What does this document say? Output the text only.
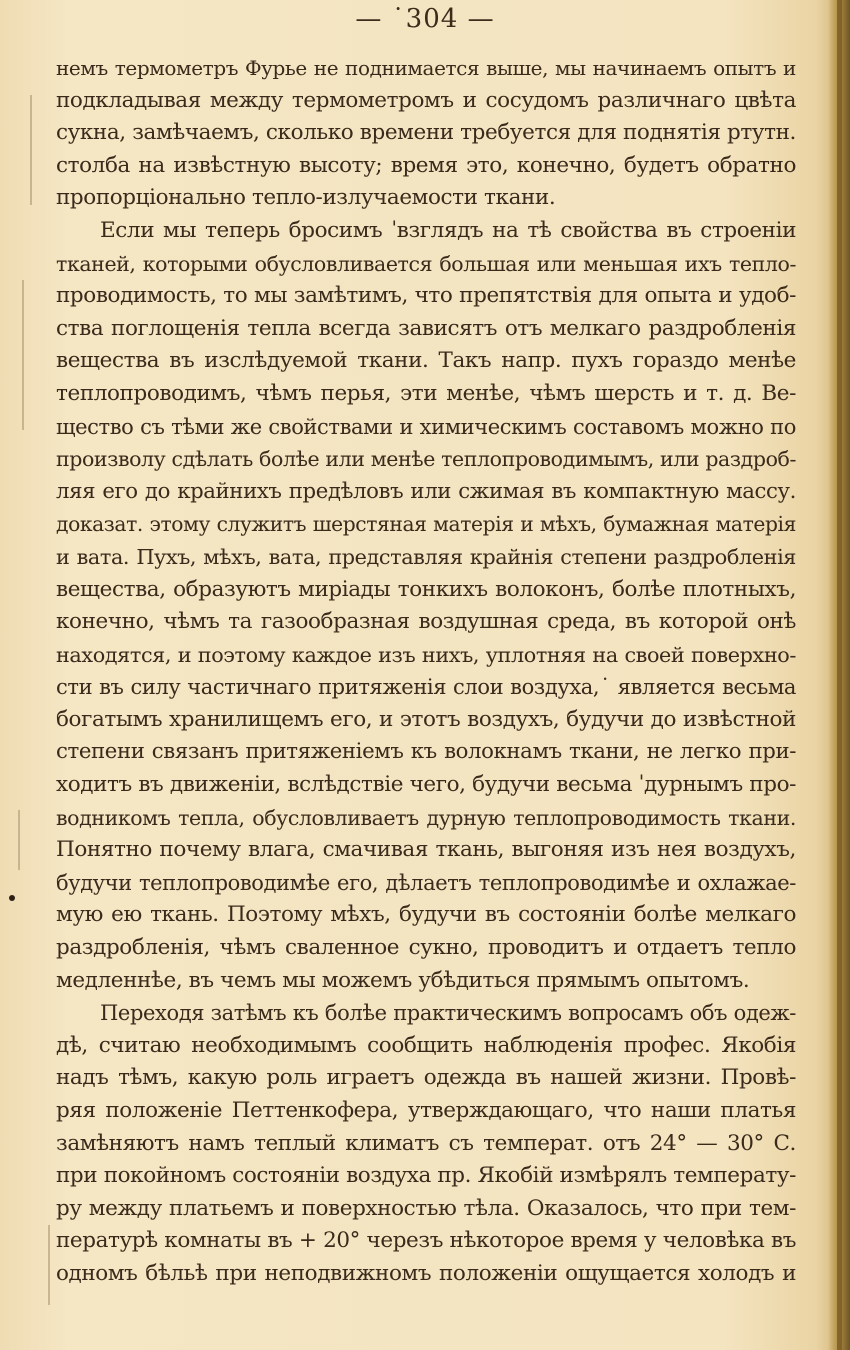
— ˙304 —
немъ термометръ Фурье не поднимается выше, мы начинаемъ опытъ и
подкладывая между термометромъ и сосудомъ различнаго цвѣта
сукна, замѣчаемъ, сколько времени требуется для поднятія ртутн.
столба на извѣстную высоту; время это, конечно, будетъ обратно
пропорціонально тепло-излучаемости ткани.
Если мы теперь бросимъ ˈвзглядъ на тѣ свойства въ строеніи
тканей, которыми обусловливается большая или меньшая ихъ тепло-
проводимость, то мы замѣтимъ, что препятствія для опыта и удоб-
ства поглощенія тепла всегда зависятъ отъ мелкаго раздробленія
вещества въ изслѣдуемой ткани. Такъ напр. пухъ гораздо менѣе
теплопроводимъ, чѣмъ перья, эти менѣе, чѣмъ шерсть и т. д. Ве-
щество съ тѣми же свойствами и химическимъ составомъ можно по
произволу сдѣлать болѣе или менѣе теплопроводимымъ, или раздроб-
ляя его до крайнихъ предѣловъ или сжимая въ компактную массу.
доказат. этому служитъ шерстяная матерія и мѣхъ, бумажная матерія
и вата. Пухъ, мѣхъ, вата, представляя крайнія степени раздробленія
вещества, образуютъ миріады тонкихъ волоконъ, болѣе плотныхъ,
конечно, чѣмъ та газообразная воздушная среда, въ которой онѣ
находятся, и поэтому каждое изъ нихъ, уплотняя на своей поверхно-
сти въ силу частичнаго притяженія слои воздуха,˙ является весьма
богатымъ хранилищемъ его, и этотъ воздухъ, будучи до извѣстной
степени связанъ притяженіемъ къ волокнамъ ткани, не легко при-
ходитъ въ движеніи, вслѣдствіе чего, будучи весьма ˈдурнымъ про-
водникомъ тепла, обусловливаетъ дурную теплопроводимость ткани.
Понятно почему влага, смачивая ткань, выгоняя изъ нея воздухъ,
будучи теплопроводимѣе его, дѣлаетъ теплопроводимѣе и охлажае-
мую ею ткань. Поэтому мѣхъ, будучи въ состояніи болѣе мелкаго
раздробленія, чѣмъ сваленное сукно, проводитъ и отдаетъ тепло
медленнѣе, въ чемъ мы можемъ убѣдиться прямымъ опытомъ.
Переходя затѣмъ къ болѣе практическимъ вопросамъ объ одеж-
дѣ, считаю необходимымъ сообщить наблюденія профес. Якобія
надъ тѣмъ, какую роль играетъ одежда въ нашей жизни. Провѣ-
ряя положеніе Петтенкофера, утверждающаго, что наши платья
замѣняютъ намъ теплый климатъ съ температ. отъ 24° — 30° С.
при покойномъ состояніи воздуха пр. Якобій измѣрялъ температу-
ру между платьемъ и поверхностью тѣла. Оказалось, что при тем-
пературѣ комнаты въ + 20° черезъ нѣкоторое время у человѣка въ
одномъ бѣльѣ при неподвижномъ положеніи ощущается холодъ и
